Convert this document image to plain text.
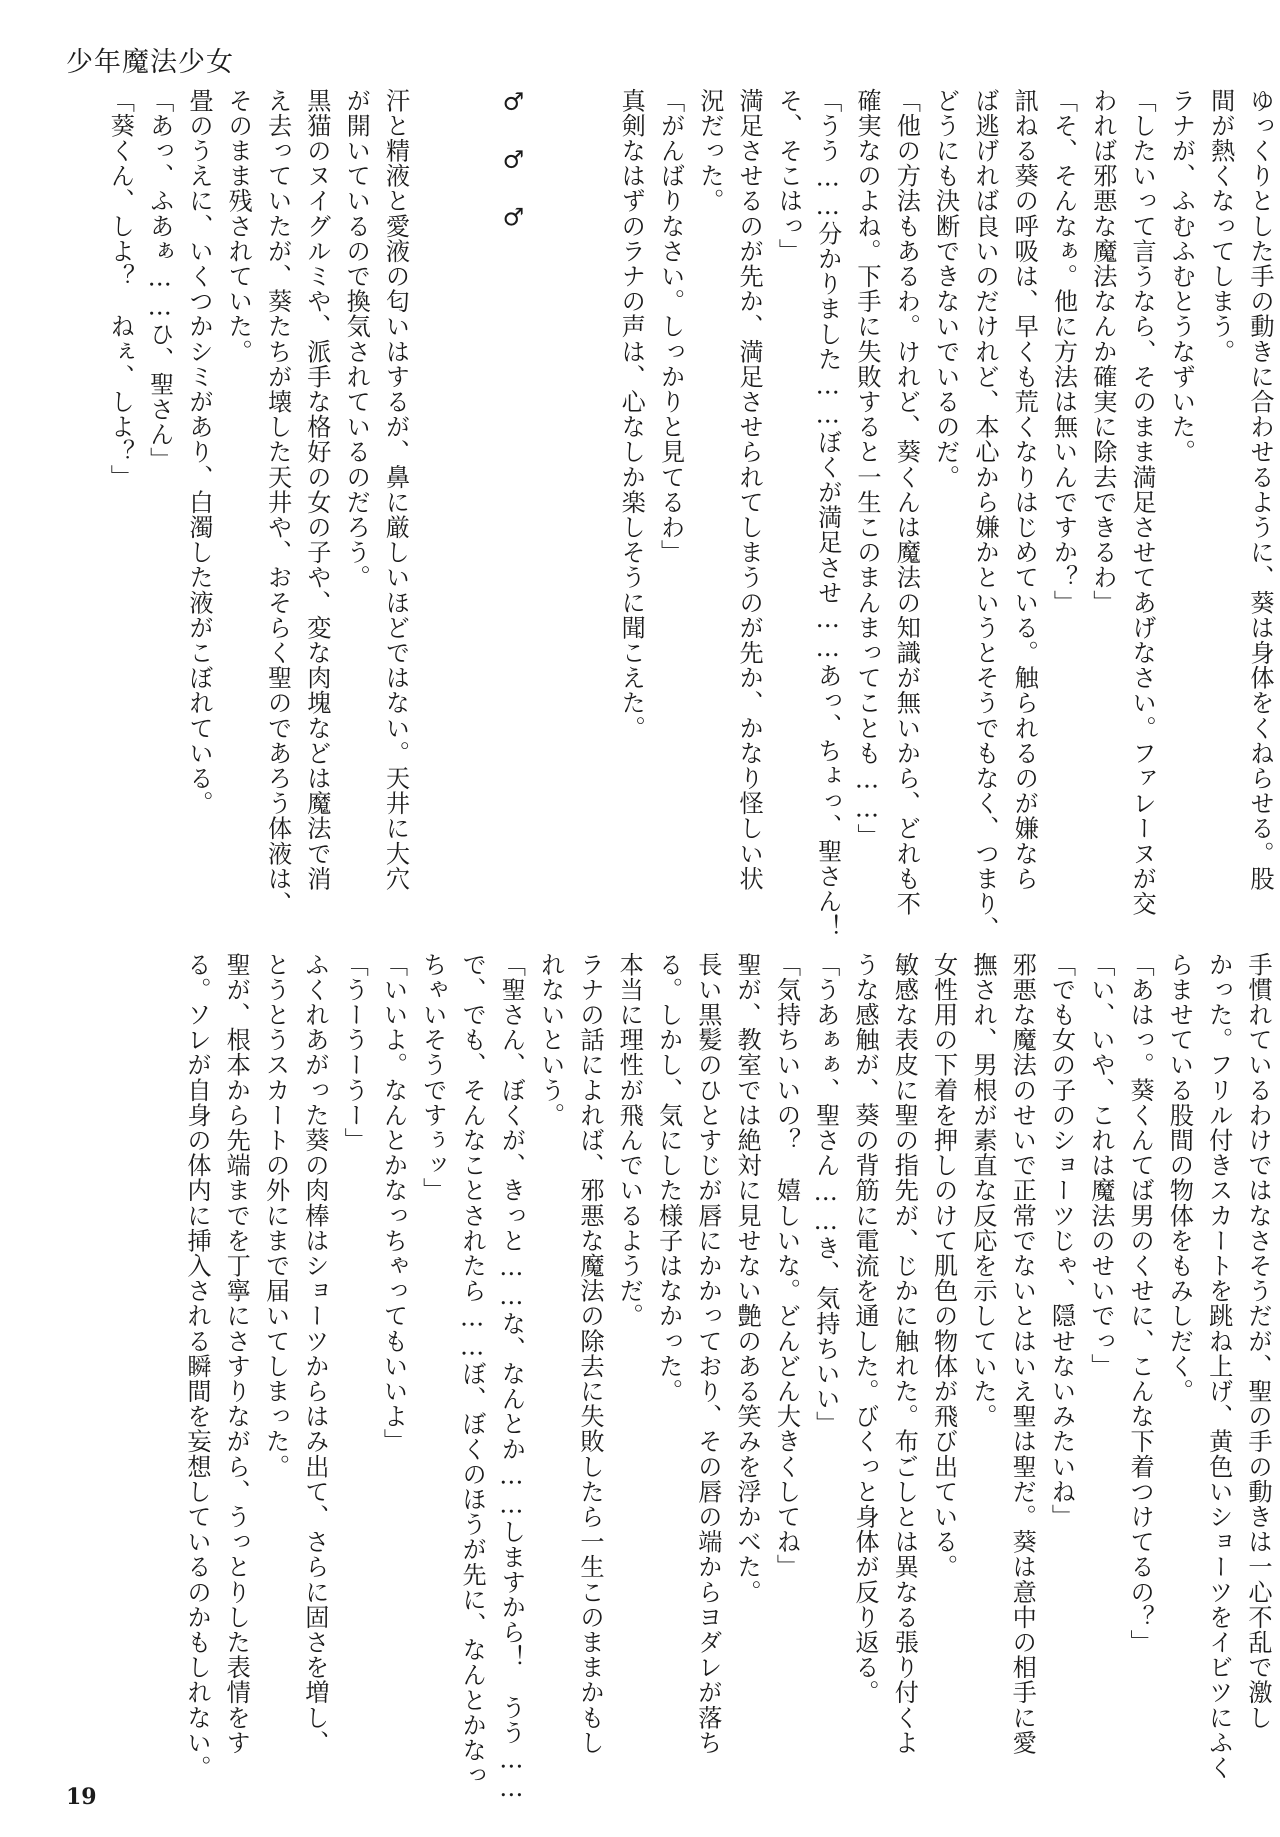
少年魔法少女
ゆっくりとした手の動きに合わせるように、葵は身体をくねらせる。股
間が熱くなってしまう。
ラナが、ふむふむとうなずいた。
「したいって言うなら、そのまま満足させてあげなさい。ファレーヌが交
われば邪悪な魔法なんか確実に除去できるわ」
「そ、そんなぁ。他に方法は無いんですか？」
訊ねる葵の呼吸は、早くも荒くなりはじめている。触られるのが嫌なら
ば逃げれば良いのだけれど、本心から嫌かというとそうでもなく、つまり、
どうにも決断できないでいるのだ。
「他の方法もあるわ。けれど、葵くんは魔法の知識が無いから、どれも不
確実なのよね。下手に失敗すると一生このまんまってことも……」
「うう……分かりました……ぼくが満足させ……あっ、ちょっ、聖さん！
そ、そこはっ」
満足させるのが先か、満足させられてしまうのが先か、かなり怪しい状
況だった。
「がんばりなさい。しっかりと見てるわ」
真剣なはずのラナの声は、心なしか楽しそうに聞こえた。

♂ ♂ ♂

汗と精液と愛液の匂いはするが、鼻に厳しいほどではない。天井に大穴
が開いているので換気されているのだろう。
黒猫のヌイグルミや、派手な格好の女の子や、変な肉塊などは魔法で消
え去っていたが、葵たちが壊した天井や、おそらく聖のであろう体液は、
そのまま残されていた。
畳のうえに、いくつかシミがあり、白濁した液がこぼれている。
「あっ、ふあぁ……ひ、聖さん」
「葵くん、しよ？　ねぇ、しよ？」
手慣れているわけではなさそうだが、聖の手の動きは一心不乱で激し
かった。フリル付きスカートを跳ね上げ、黄色いショーツをイビツにふく
らませている股間の物体をもみしだく。
「あはっ。葵くんてば男のくせに、こんな下着つけてるの？」
「い、いや、これは魔法のせいでっ」
「でも女の子のショーツじゃ、隠せないみたいね」
邪悪な魔法のせいで正常でないとはいえ聖は聖だ。葵は意中の相手に愛
撫され、男根が素直な反応を示していた。
女性用の下着を押しのけて肌色の物体が飛び出ている。
敏感な表皮に聖の指先が、じかに触れた。布ごしとは異なる張り付くよ
うな感触が、葵の背筋に電流を通した。びくっと身体が反り返る。
「うあぁぁ、聖さん……き、気持ちいい」
「気持ちいいの？　嬉しいな。どんどん大きくしてね」
聖が、教室では絶対に見せない艶のある笑みを浮かべた。
長い黒髪のひとすじが唇にかかっており、その唇の端からヨダレが落ち
る。しかし、気にした様子はなかった。
本当に理性が飛んでいるようだ。
ラナの話によれば、邪悪な魔法の除去に失敗したら一生このままかもし
れないという。
「聖さん、ぼくが、きっと……な、なんとか……しますから！　うう……
で、でも、そんなことされたら……ぼ、ぼくのほうが先に、なんとかなっ
ちゃいそうですぅッ」
「いいよ。なんとかなっちゃってもいいよ」
「うーうーうー」
ふくれあがった葵の肉棒はショーツからはみ出て、さらに固さを増し、
とうとうスカートの外にまで届いてしまった。
聖が、根本から先端までを丁寧にさすりながら、うっとりした表情をす
る。ソレが自身の体内に挿入される瞬間を妄想しているのかもしれない。
19
